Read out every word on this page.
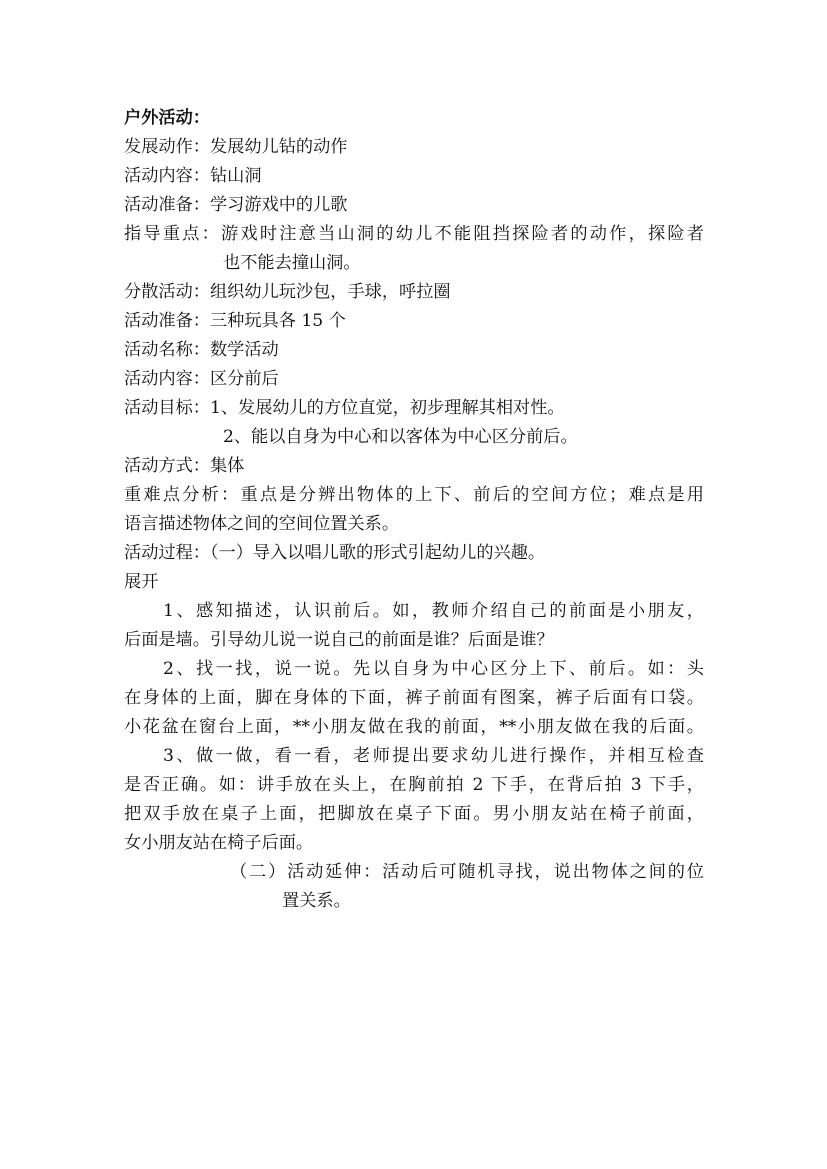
户外活动：
发展动作：发展幼儿钻的动作
活动内容：钻山洞
活动准备：学习游戏中的儿歌
指导重点：游戏时注意当山洞的幼儿不能阻挡探险者的动作，探险者
也不能去撞山洞。
分散活动：组织幼儿玩沙包，手球，呼拉圈
活动准备：三种玩具各 15 个
活动名称：数学活动
活动内容：区分前后
活动目标：1、发展幼儿的方位直觉，初步理解其相对性。
2、能以自身为中心和以客体为中心区分前后。
活动方式：集体
重难点分析：重点是分辨出物体的上下、前后的空间方位；难点是用
语言描述物体之间的空间位置关系。
活动过程：（一）导入以唱儿歌的形式引起幼儿的兴趣。
展开
1、感知描述，认识前后。如，教师介绍自己的前面是小朋友，
后面是墙。引导幼儿说一说自己的前面是谁？后面是谁？
2、找一找，说一说。先以自身为中心区分上下、前后。如：头
在身体的上面，脚在身体的下面，裤子前面有图案，裤子后面有口袋。
小花盆在窗台上面，**小朋友做在我的前面，**小朋友做在我的后面。
3、做一做，看一看，老师提出要求幼儿进行操作，并相互检查
是否正确。如：讲手放在头上，在胸前拍 2 下手，在背后拍 3 下手，
把双手放在桌子上面，把脚放在桌子下面。男小朋友站在椅子前面，
女小朋友站在椅子后面。
（二）活动延伸：活动后可随机寻找，说出物体之间的位
置关系。
